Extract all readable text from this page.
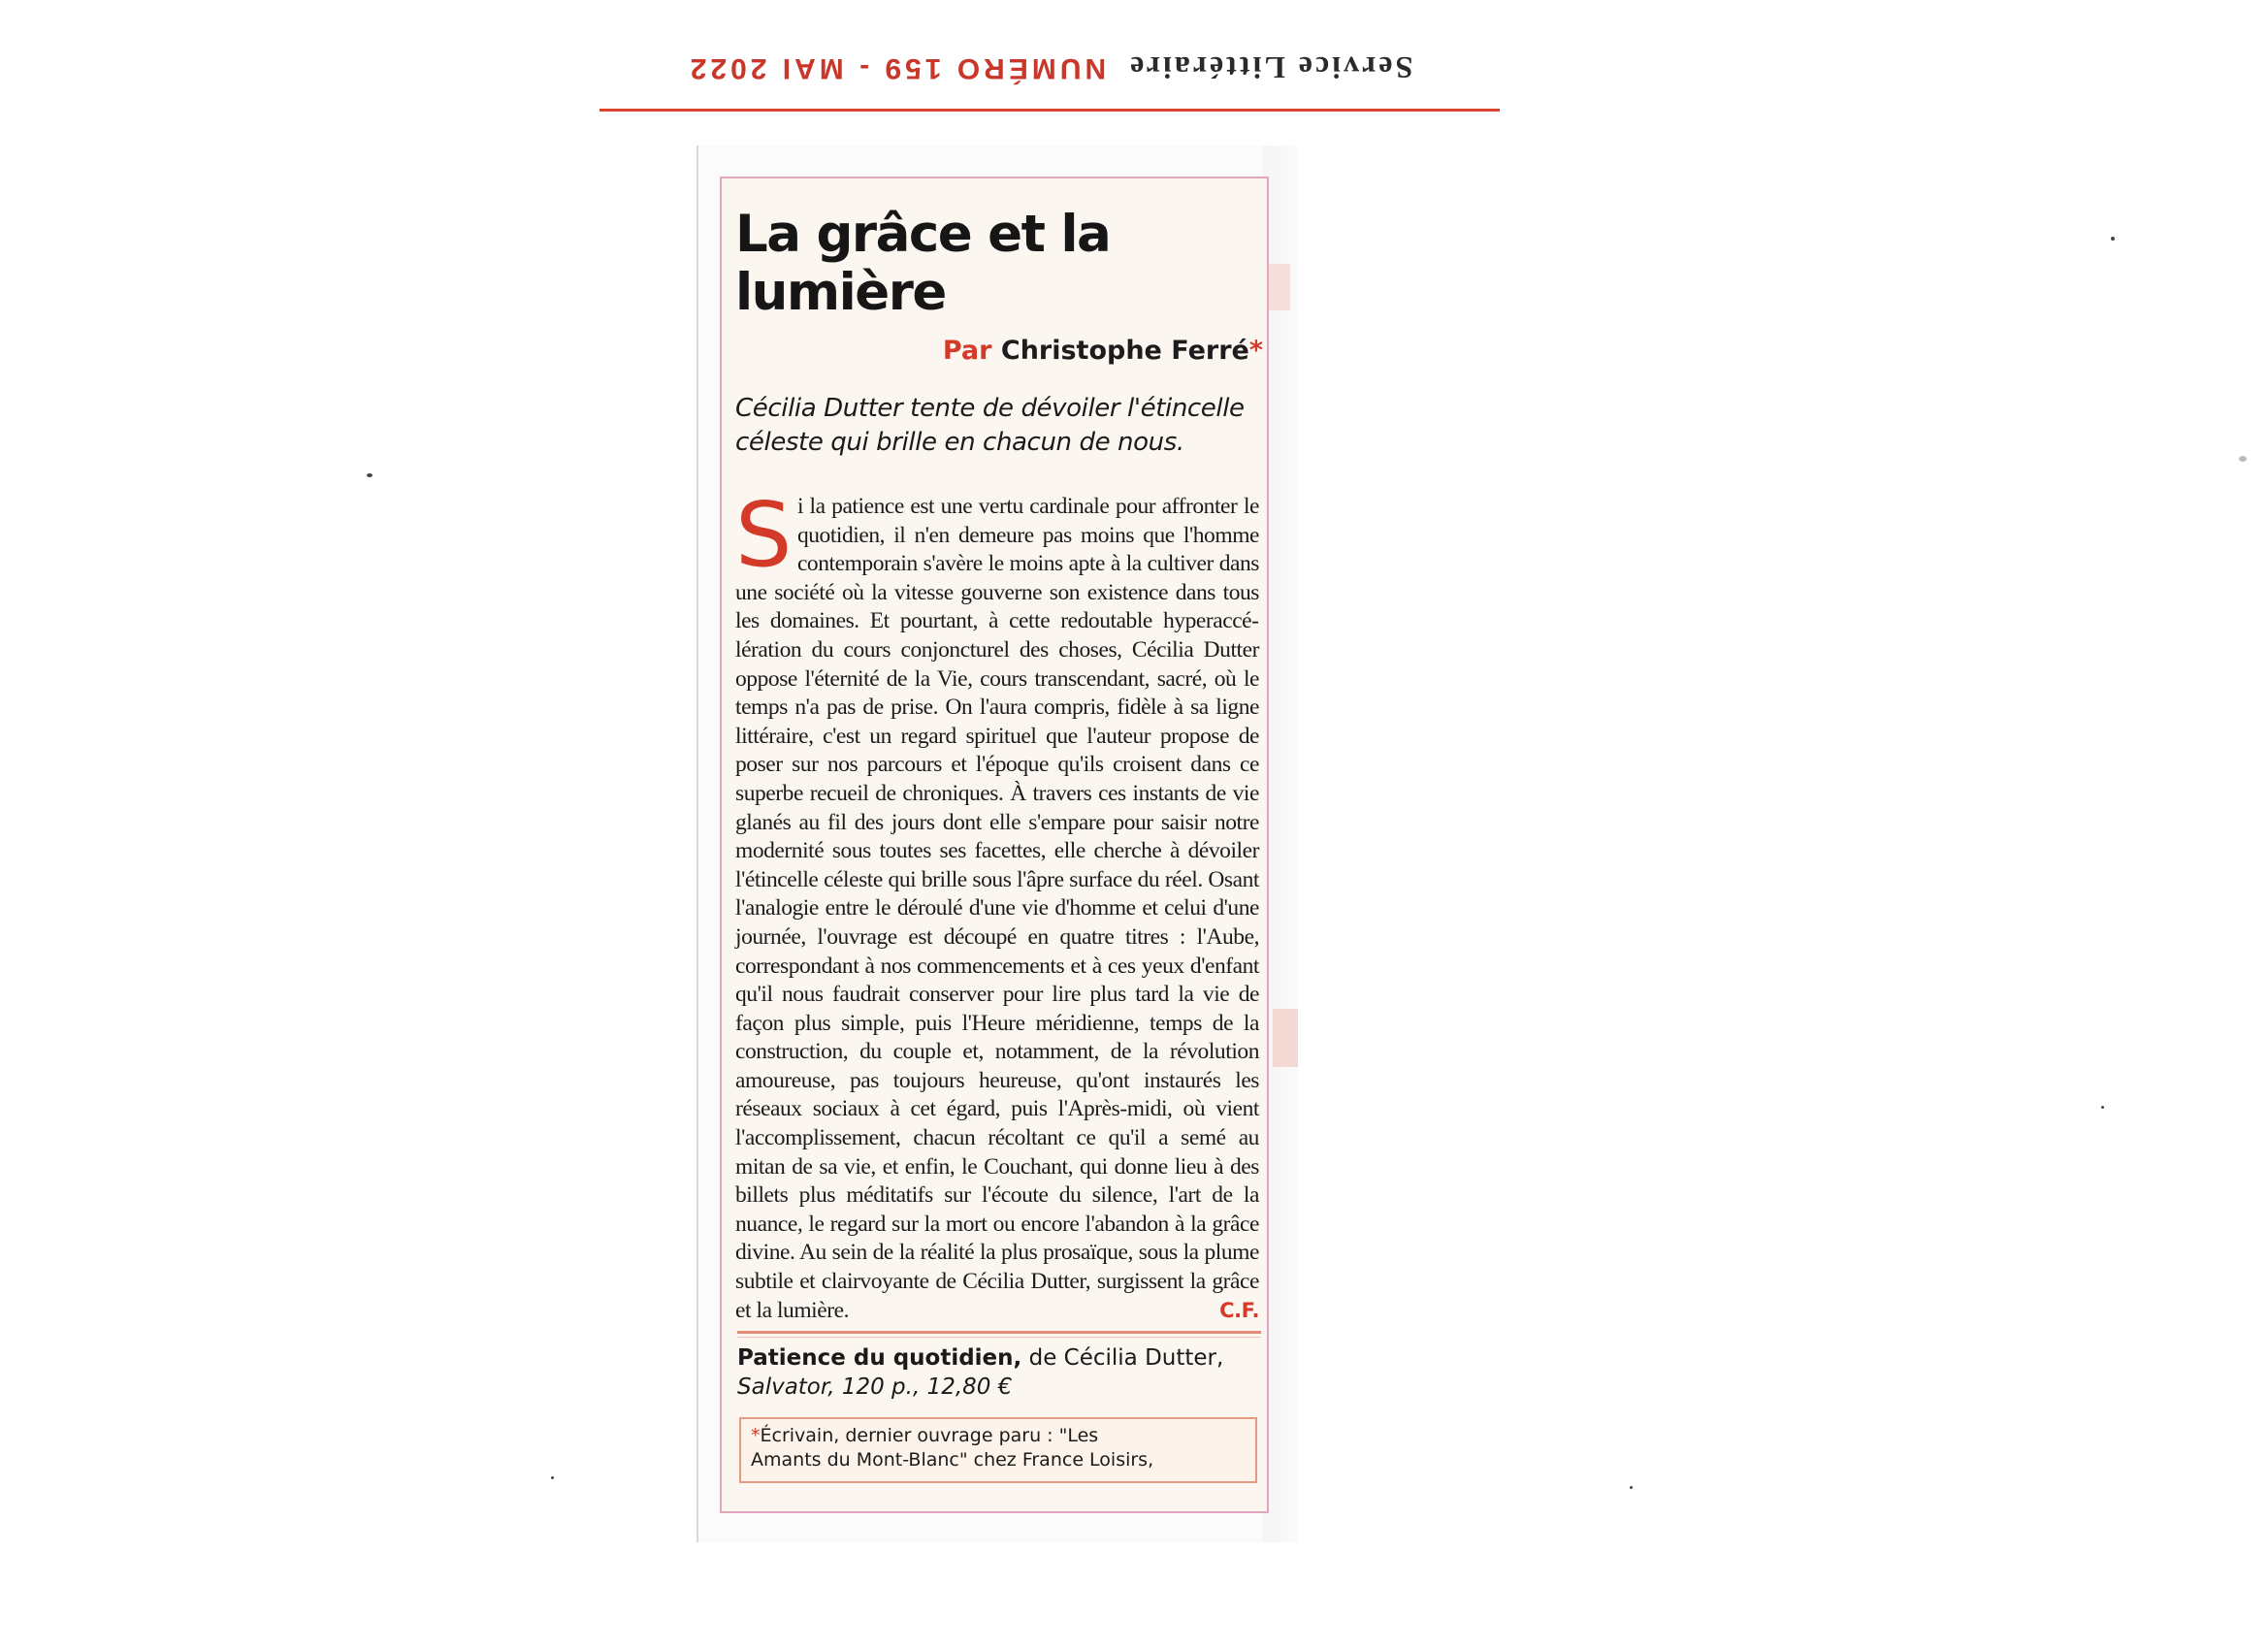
Service Littéraire
NUMÉRO 159 - MAI 2022
La grâce et la lumière
Par Christophe Ferré*

Cécilia Dutter tente de dévoiler l'étincelle céleste qui brille en chacun de nous.

Si la patience est une vertu cardinale pour affronter le quotidien, il n'en demeure pas moins que l'homme contemporain s'avère le moins apte à la cultiver dans une société où la vitesse gouverne son existence dans tous les domaines. Et pourtant, à cette redoutable hyperaccélération du cours conjoncturel des choses, Cécilia Dutter oppose l'éternité de la Vie, cours transcendant, sacré, où le temps n'a pas de prise. On l'aura compris, fidèle à sa ligne littéraire, c'est un regard spirituel que l'auteur propose de poser sur nos parcours et l'époque qu'ils croisent dans ce superbe recueil de chroniques. À travers ces instants de vie glanés au fil des jours dont elle s'empare pour saisir notre modernité sous toutes ses facettes, elle cherche à dévoiler l'étincelle céleste qui brille sous l'âpre surface du réel. Osant l'analogie entre le déroulé d'une vie d'homme et celui d'une journée, l'ouvrage est découpé en quatre titres : l'Aube, correspondant à nos commencements et à ces yeux d'enfant qu'il nous faudrait conserver pour lire plus tard la vie de façon plus simple, puis l'Heure méridienne, temps de la construction, du couple et, notamment, de la révolution amoureuse, pas toujours heureuse, qu'ont instaurés les réseaux sociaux à cet égard, puis l'Après-midi, où vient l'accomplissement, chacun récoltant ce qu'il a semé au mitan de sa vie, et enfin, le Couchant, qui donne lieu à des billets plus méditatifs sur l'écoute du silence, l'art de la nuance, le regard sur la mort ou encore l'abandon à la grâce divine. Au sein de la réalité la plus prosaïque, sous la plume subtile et clairvoyante de Cécilia Dutter, surgissent la grâce et la lumière.	C.F.

Patience du quotidien, de Cécilia Dutter,
Salvator, 120 p., 12,80 €

*Écrivain, dernier ouvrage paru : "Les Amants du Mont-Blanc" chez France Loisirs,
